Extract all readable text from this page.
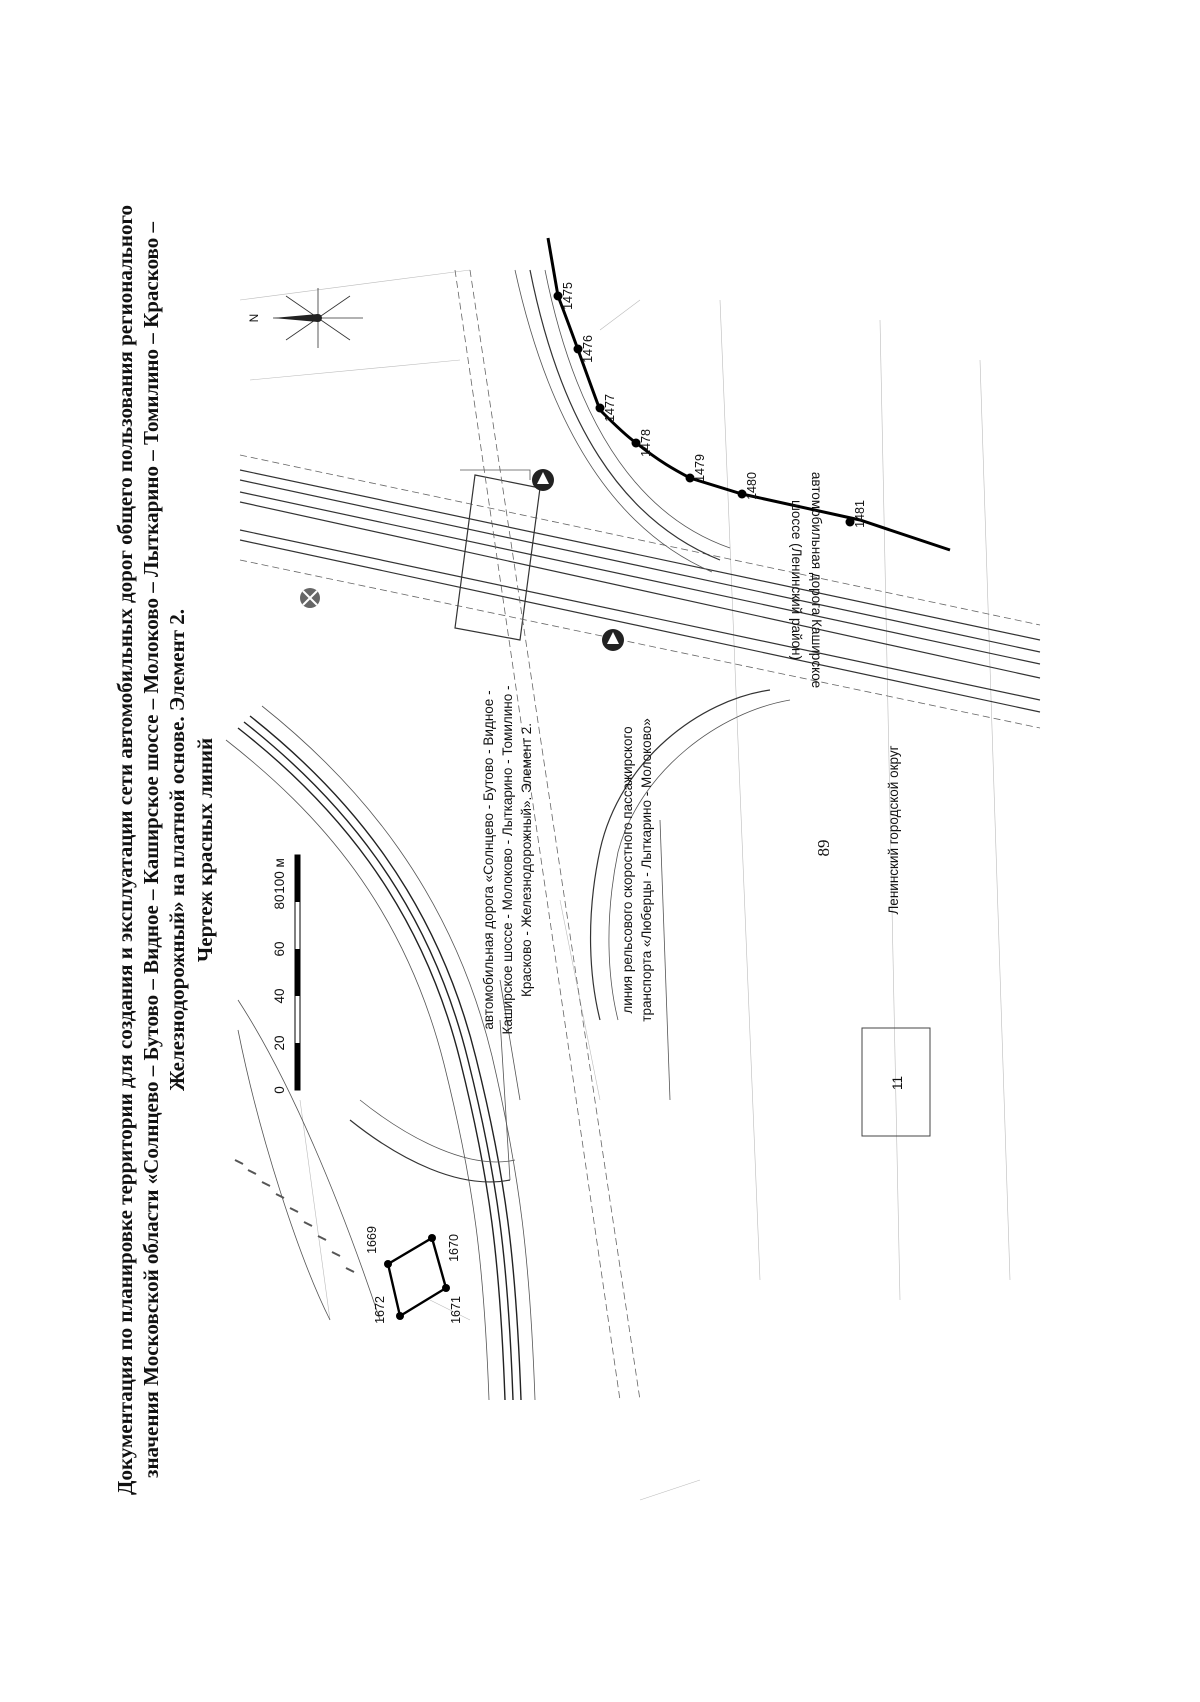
89
Документация по планировке территории для создания и эксплуатации сети автомобильных дорог общего пользования регионального значения Московской области «Солнцево – Бутово – Видное – Каширское шоссе – Молоково – Лыткарино – Томилино – Красково – Железнодорожный» на платной основе. Элемент 2. Чертеж красных линий
1475
1476
1477
1478
1479
1480
1481
1669	1670
1671
1672
N
0
20
40
60
80
100 м	автомобильная дорога «Солнцево - Бутово - Видное - Каширское шоссе - Молоково - Лыткарино - Томилино - Красково - Железнодорожный». Элемент 2.	линия рельсового скоростного пассажирского транспорта «Люберцы - Лыткарино - Молоково»
автомобильная дорога Каширское
шоссе (Ленинский район)
Ленинский городской округ
11
